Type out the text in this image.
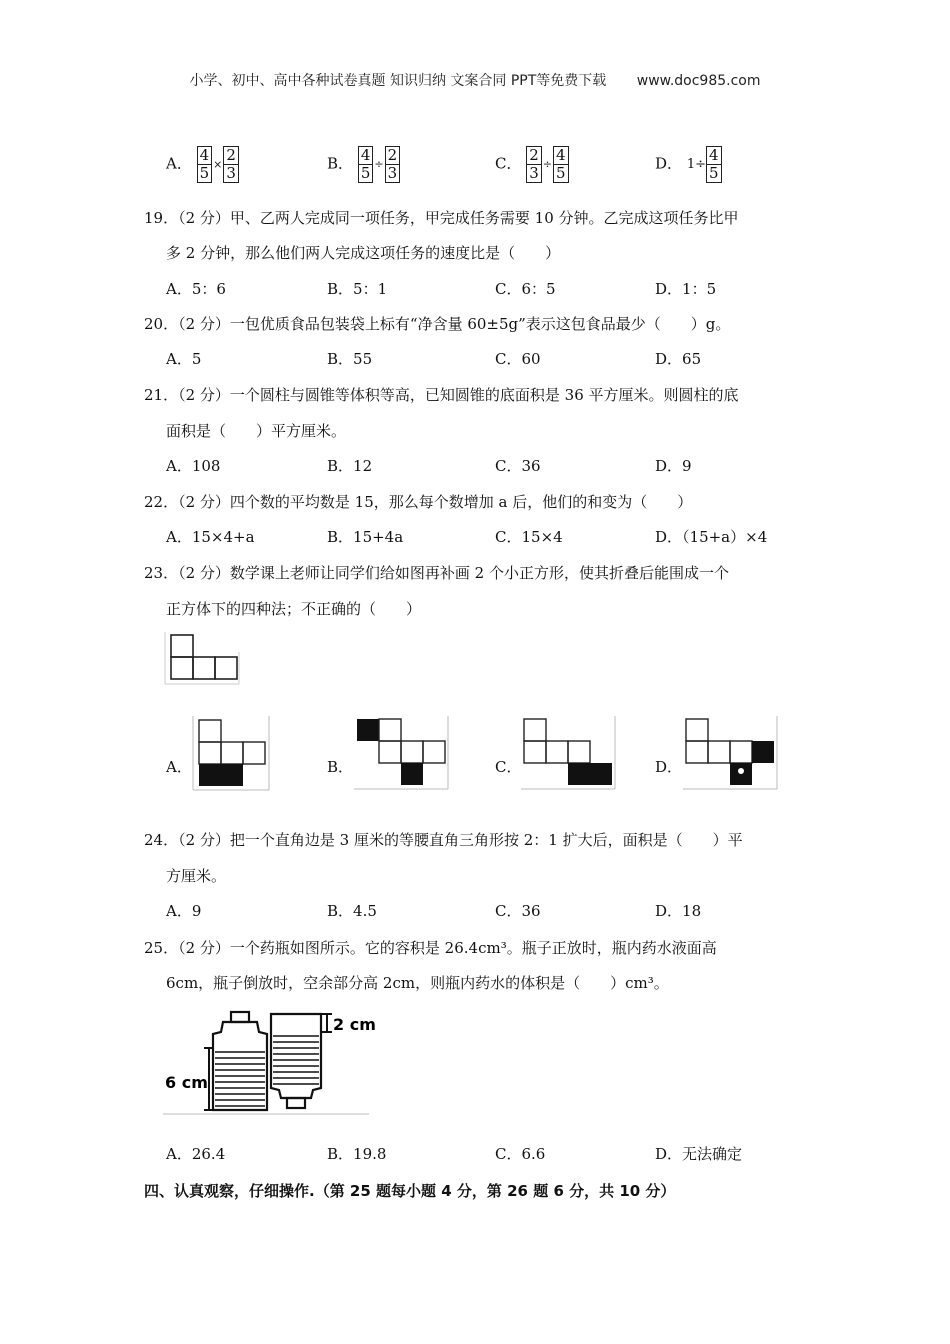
小学、初中、高中各种试卷真题 知识归纳 文案合同 PPT等免费下载 www.doc985.com
A． $\frac{4}{5} \times \frac{2}{3}$	B． $\frac{4}{5} \div \frac{2}{3}$	C． $\frac{2}{3} \div \frac{4}{5}$	D． $1\div \frac{4}{5}$
19．（2 分）甲、乙两人完成同一项任务，甲完成任务需要 10 分钟。乙完成这项任务比甲
多 2 分钟，那么他们两人完成这项任务的速度比是（　　）
A．5：6	B．5：1	C．6：5	D．1：5
20．（2 分）一包优质食品包装袋上标有“净含量 60±5g”表示这包食品最少（　　）g。
A．5	B．55	C．60	D．65
21．（2 分）一个圆柱与圆锥等体积等高，已知圆锥的底面积是 36 平方厘米。则圆柱的底
面积是（　　）平方厘米。
A．108	B．12	C．36	D．9
22．（2 分）四个数的平均数是 15，那么每个数增加 a 后，他们的和变为（　　）
A．15×4+a	B．15+4a	C．15×4	D．（15+a）×4
23．（2 分）数学课上老师让同学们给如图再补画 2 个小正方形，使其折叠后能围成一个
正方体下的四种法；不正确的（　　）
A．	B．	C．	D．
24．（2 分）把一个直角边是 3 厘米的等腰直角三角形按 2：1 扩大后，面积是（　　）平
方厘米。
A．9	B．4.5	C．36	D．18
25．（2 分）一个药瓶如图所示。它的容积是 26.4cm³。瓶子正放时，瓶内药水液面高
6cm，瓶子倒放时，空余部分高 2cm，则瓶内药水的体积是（　　）cm³。
6 cm
2 cm
A．26.4	B．19.8	C．6.6	D．无法确定
四、认真观察，仔细操作.（第 25 题每小题 4 分，第 26 题 6 分，共 10 分）
